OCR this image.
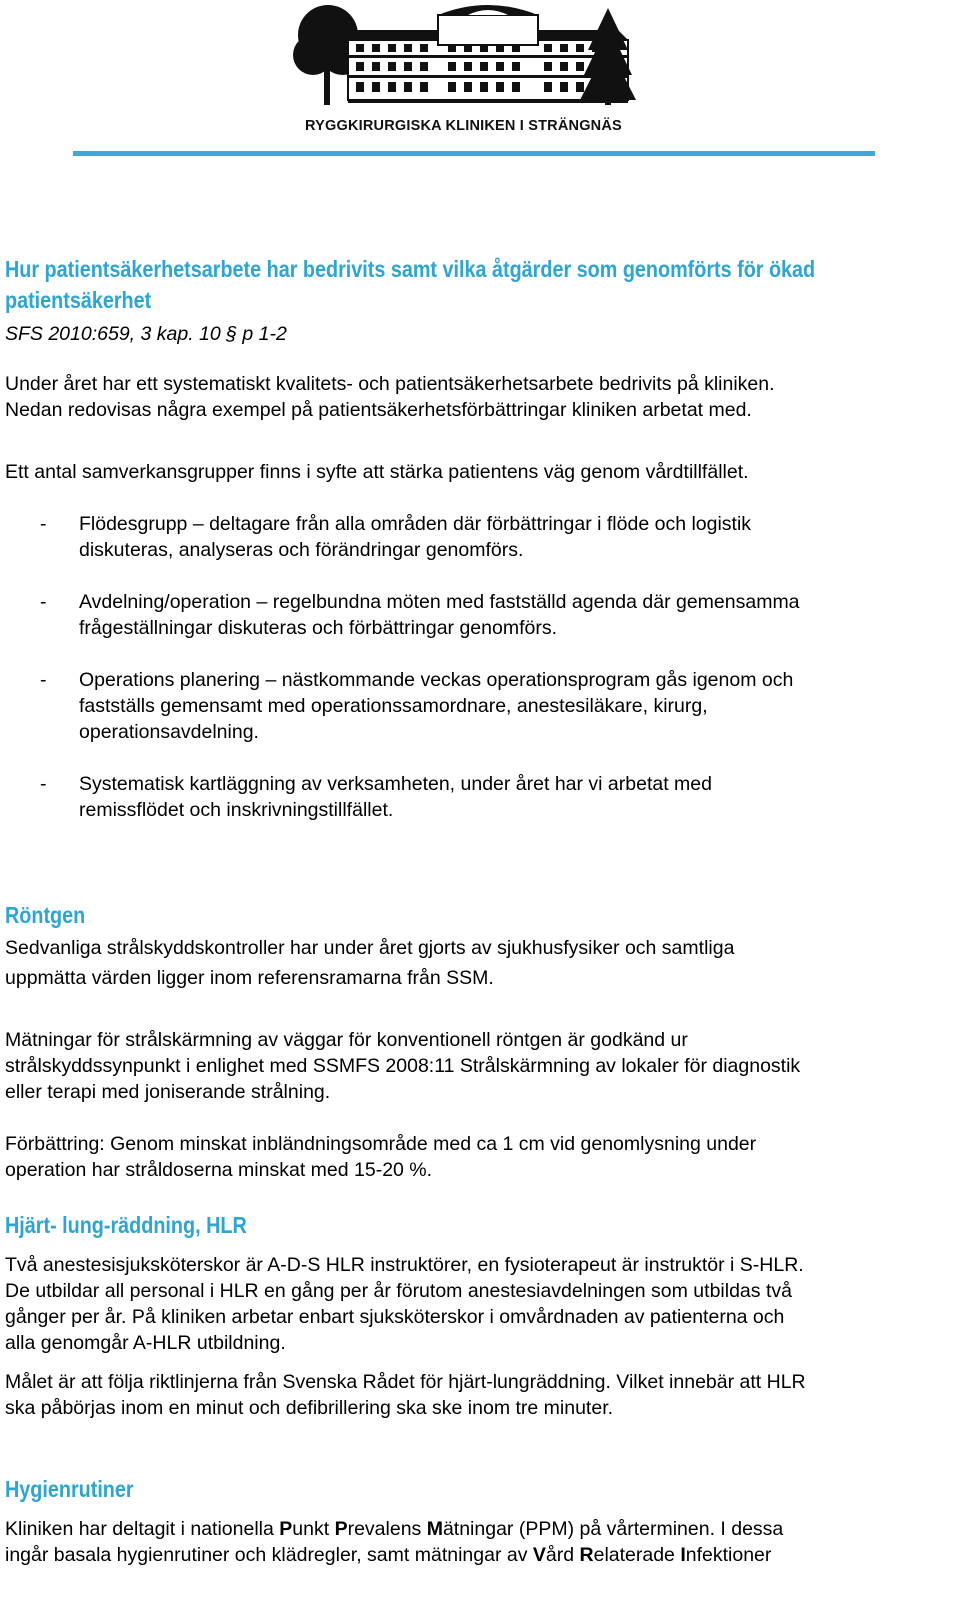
RYGGKIRURGISKA KLINIKEN I STRÄNGNÄS
Hur patientsäkerhetsarbete har bedrivits samt vilka åtgärder som genomförts för ökad
patientsäkerhet
SFS 2010:659, 3 kap. 10 § p 1-2
Under året har ett systematiskt kvalitets- och patientsäkerhetsarbete bedrivits på kliniken.
Nedan redovisas några exempel på patientsäkerhetsförbättringar kliniken arbetat med.
Ett antal samverkansgrupper finns i syfte att stärka patientens väg genom vårdtillfället.
- Flödesgrupp – deltagare från alla områden där förbättringar i flöde och logistik
diskuteras, analyseras och förändringar genomförs.
- Avdelning/operation – regelbundna möten med fastställd agenda där gemensamma
frågeställningar diskuteras och förbättringar genomförs.
- Operations planering – nästkommande veckas operationsprogram gås igenom och
fastställs gemensamt med operationssamordnare, anestesiläkare, kirurg,
operationsavdelning.
- Systematisk kartläggning av verksamheten, under året har vi arbetat med
remissflödet och inskrivningstillfället.
Röntgen
Sedvanliga strålskyddskontroller har under året gjorts av sjukhusfysiker och samtliga
uppmätta värden ligger inom referensramarna från SSM.
Mätningar för strålskärmning av väggar för konventionell röntgen är godkänd ur
strålskyddssynpunkt i enlighet med SSMFS 2008:11 Strålskärmning av lokaler för diagnostik
eller terapi med joniserande strålning.
Förbättring: Genom minskat inbländningsområde med ca 1 cm vid genomlysning under
operation har stråldoserna minskat med 15-20 %.
Hjärt- lung-räddning, HLR
Två anestesisjuksköterskor är A-D-S HLR instruktörer, en fysioterapeut är instruktör i S-HLR.
De utbildar all personal i HLR en gång per år förutom anestesiavdelningen som utbildas två
gånger per år. På kliniken arbetar enbart sjuksköterskor i omvårdnaden av patienterna och
alla genomgår A-HLR utbildning.
Målet är att följa riktlinjerna från Svenska Rådet för hjärt-lungräddning. Vilket innebär att HLR
ska påbörjas inom en minut och defibrillering ska ske inom tre minuter.
Hygienrutiner
Kliniken har deltagit i nationella Punkt Prevalens Mätningar (PPM) på vårterminen. I dessa
ingår basala hygienrutiner och klädregler, samt mätningar av Vård Relaterade Infektioner
